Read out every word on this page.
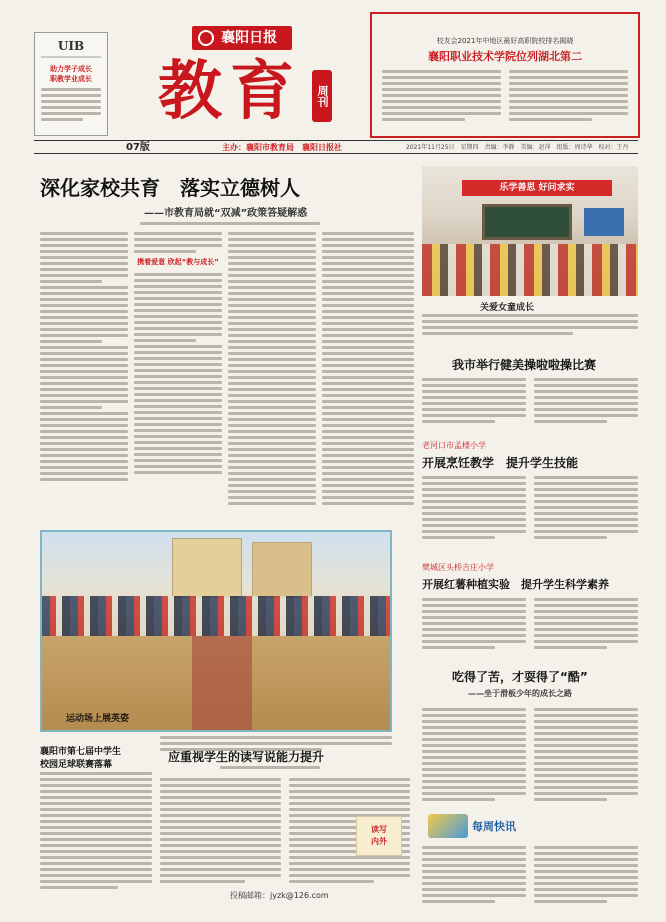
UIB
助力学子成长
职教学业成长
襄阳日报
教育	周刊
07版	主办：襄阳市教育局　襄阳日报社	2021年11月25日　星期四　责编：李静　美编：赵萍　组版：周诗华　校对：王丹
校友会2021年中地区最好高职院校排名揭晓
襄阳职业技术学院位列湖北第二
深化家校共育　落实立德树人
——市教育局就“双减”政策答疑解惑
携着爱意 欣起“教与成长”
乐学善思 好问求实
关爱女童成长
我市举行健美操啦啦操比赛
老河口市孟楼小学
开展烹饪教学　提升学生技能
樊城区头桥吉庄小学
开展红薯种植实验　提升学生科学素养
吃得了苦，才耍得了“酷”
——坐于滑板少年的成长之路
每周快讯
运动场上展英姿
襄阳市第七届中学生
校园足球联赛落幕
应重视学生的读写说能力提升
读写
内外
投稿邮箱：jyzk@126.com
